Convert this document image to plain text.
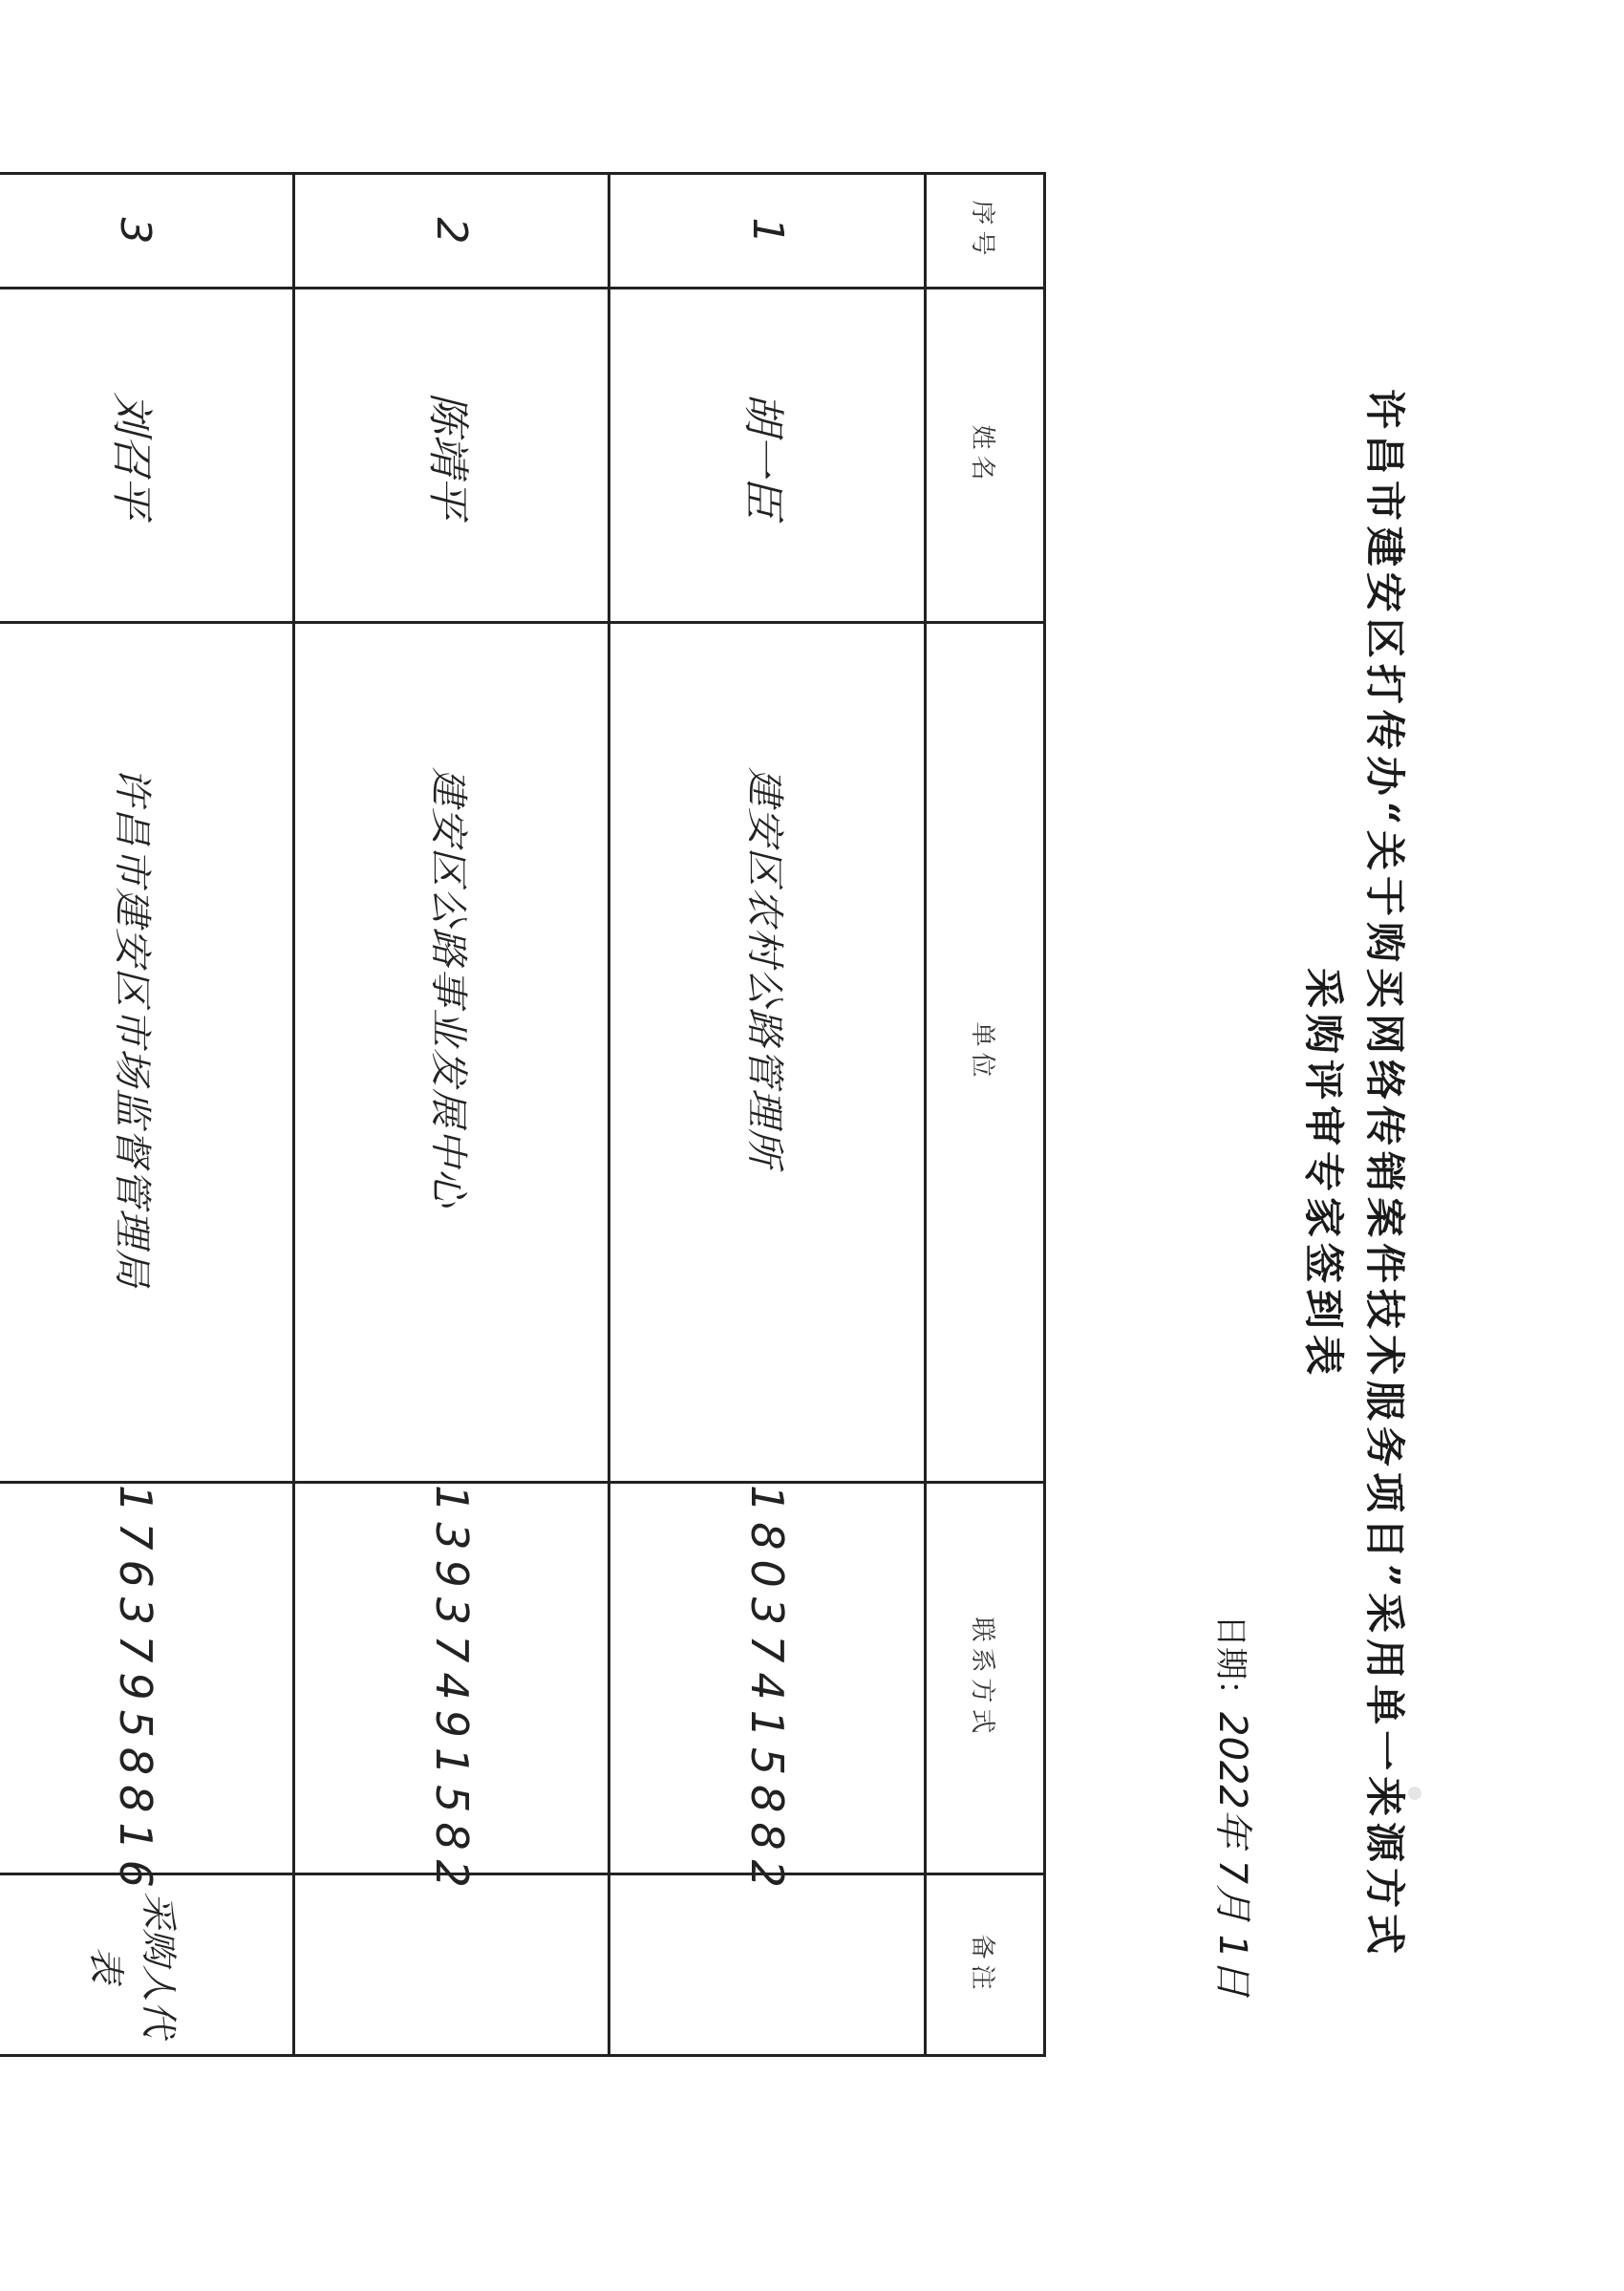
许昌市建安区打传办“关于购买网络传销案件技术服务项目”采用单一来源方式
采购评审专家签到表
日期：2022年 7月 1日
序号	姓名	单位	联系方式	备注
1	胡一臣	建安区农村公路管理所	18037415882	
2	陈靖平	建安区公路事业发展中心	13937491582	
3	刘召平	许昌市建安区市场监督管理局	17637958816	采购人代表
